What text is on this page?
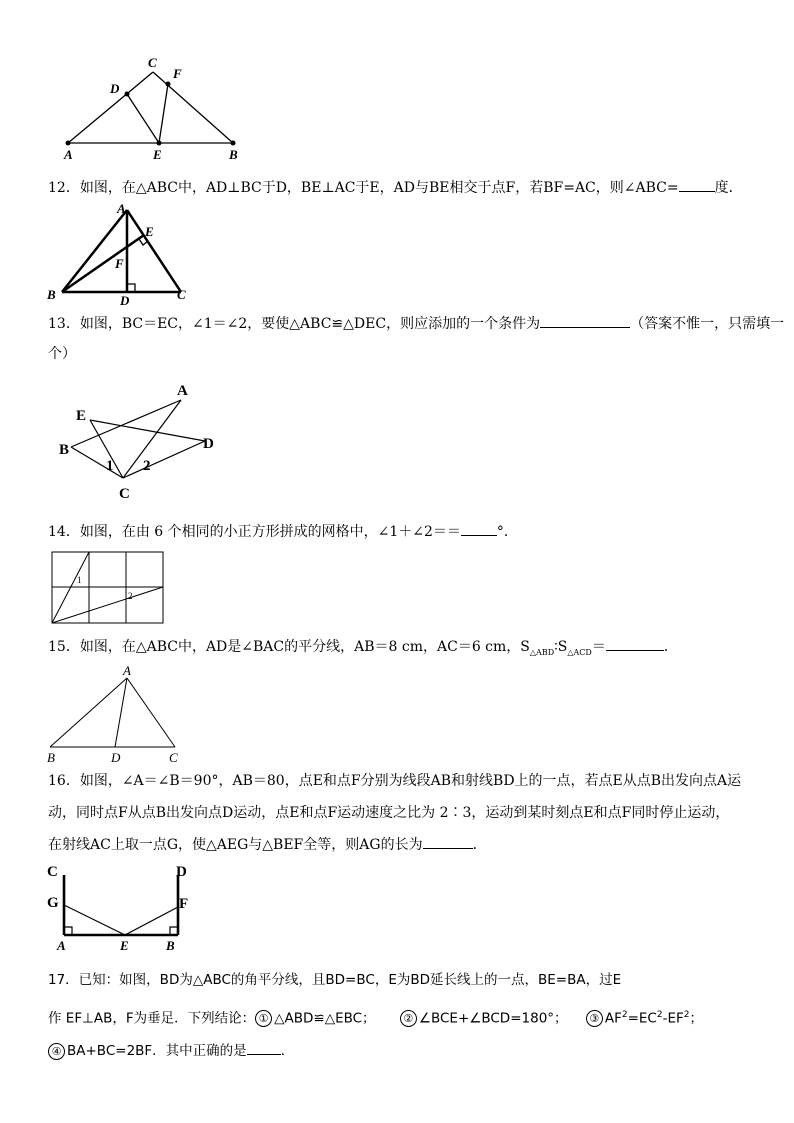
C
F
D
A	E	B
12．如图，在△ABC中，AD⊥BC于D，BE⊥AC于E，AD与BE相交于点F，若BF=AC，则∠ABC=	度．
A
E
F
B	D	C
13．如图，BC＝EC，∠1＝∠2，要使△ABC≌△DEC，则应添加的一个条件为	（答案不惟一，只需填一
个）
A
E
B	D
1 2
C
14．如图，在由 6 个相同的小正方形拼成的网格中，∠1＋∠2＝＝	°．
1
2
15．如图，在△ABC中，AD是∠BAC的平分线，AB＝8 cm，AC＝6 cm，$S_{\triangle ABD}∶S_{\triangle ACD}=$	．
A
B	D	C
16．如图，∠A＝∠B＝90°，AB＝80，点E和点F分别为线段AB和射线BD上的一点，若点E从点B出发向点A运
动，同时点F从点B出发向点D运动，点E和点F运动速度之比为 2∶3，运动到某时刻点E和点F同时停止运动，
在射线AC上取一点G，使△AEG与△BEF全等，则AG的长为	．
C	D
G	F
A	E	B
17．已知：如图，BD为△ABC的角平分线，且BD=BC，E为BD延长线上的一点，BE=BA，过E
作 EF⊥AB，F为垂足．下列结论： ① △ABD≌△EBC；	② ∠BCE+∠BCD=180°； ③ $AF^2=EC^2-EF^2$；
④ BA+BC=2BF．其中正确的是	．
